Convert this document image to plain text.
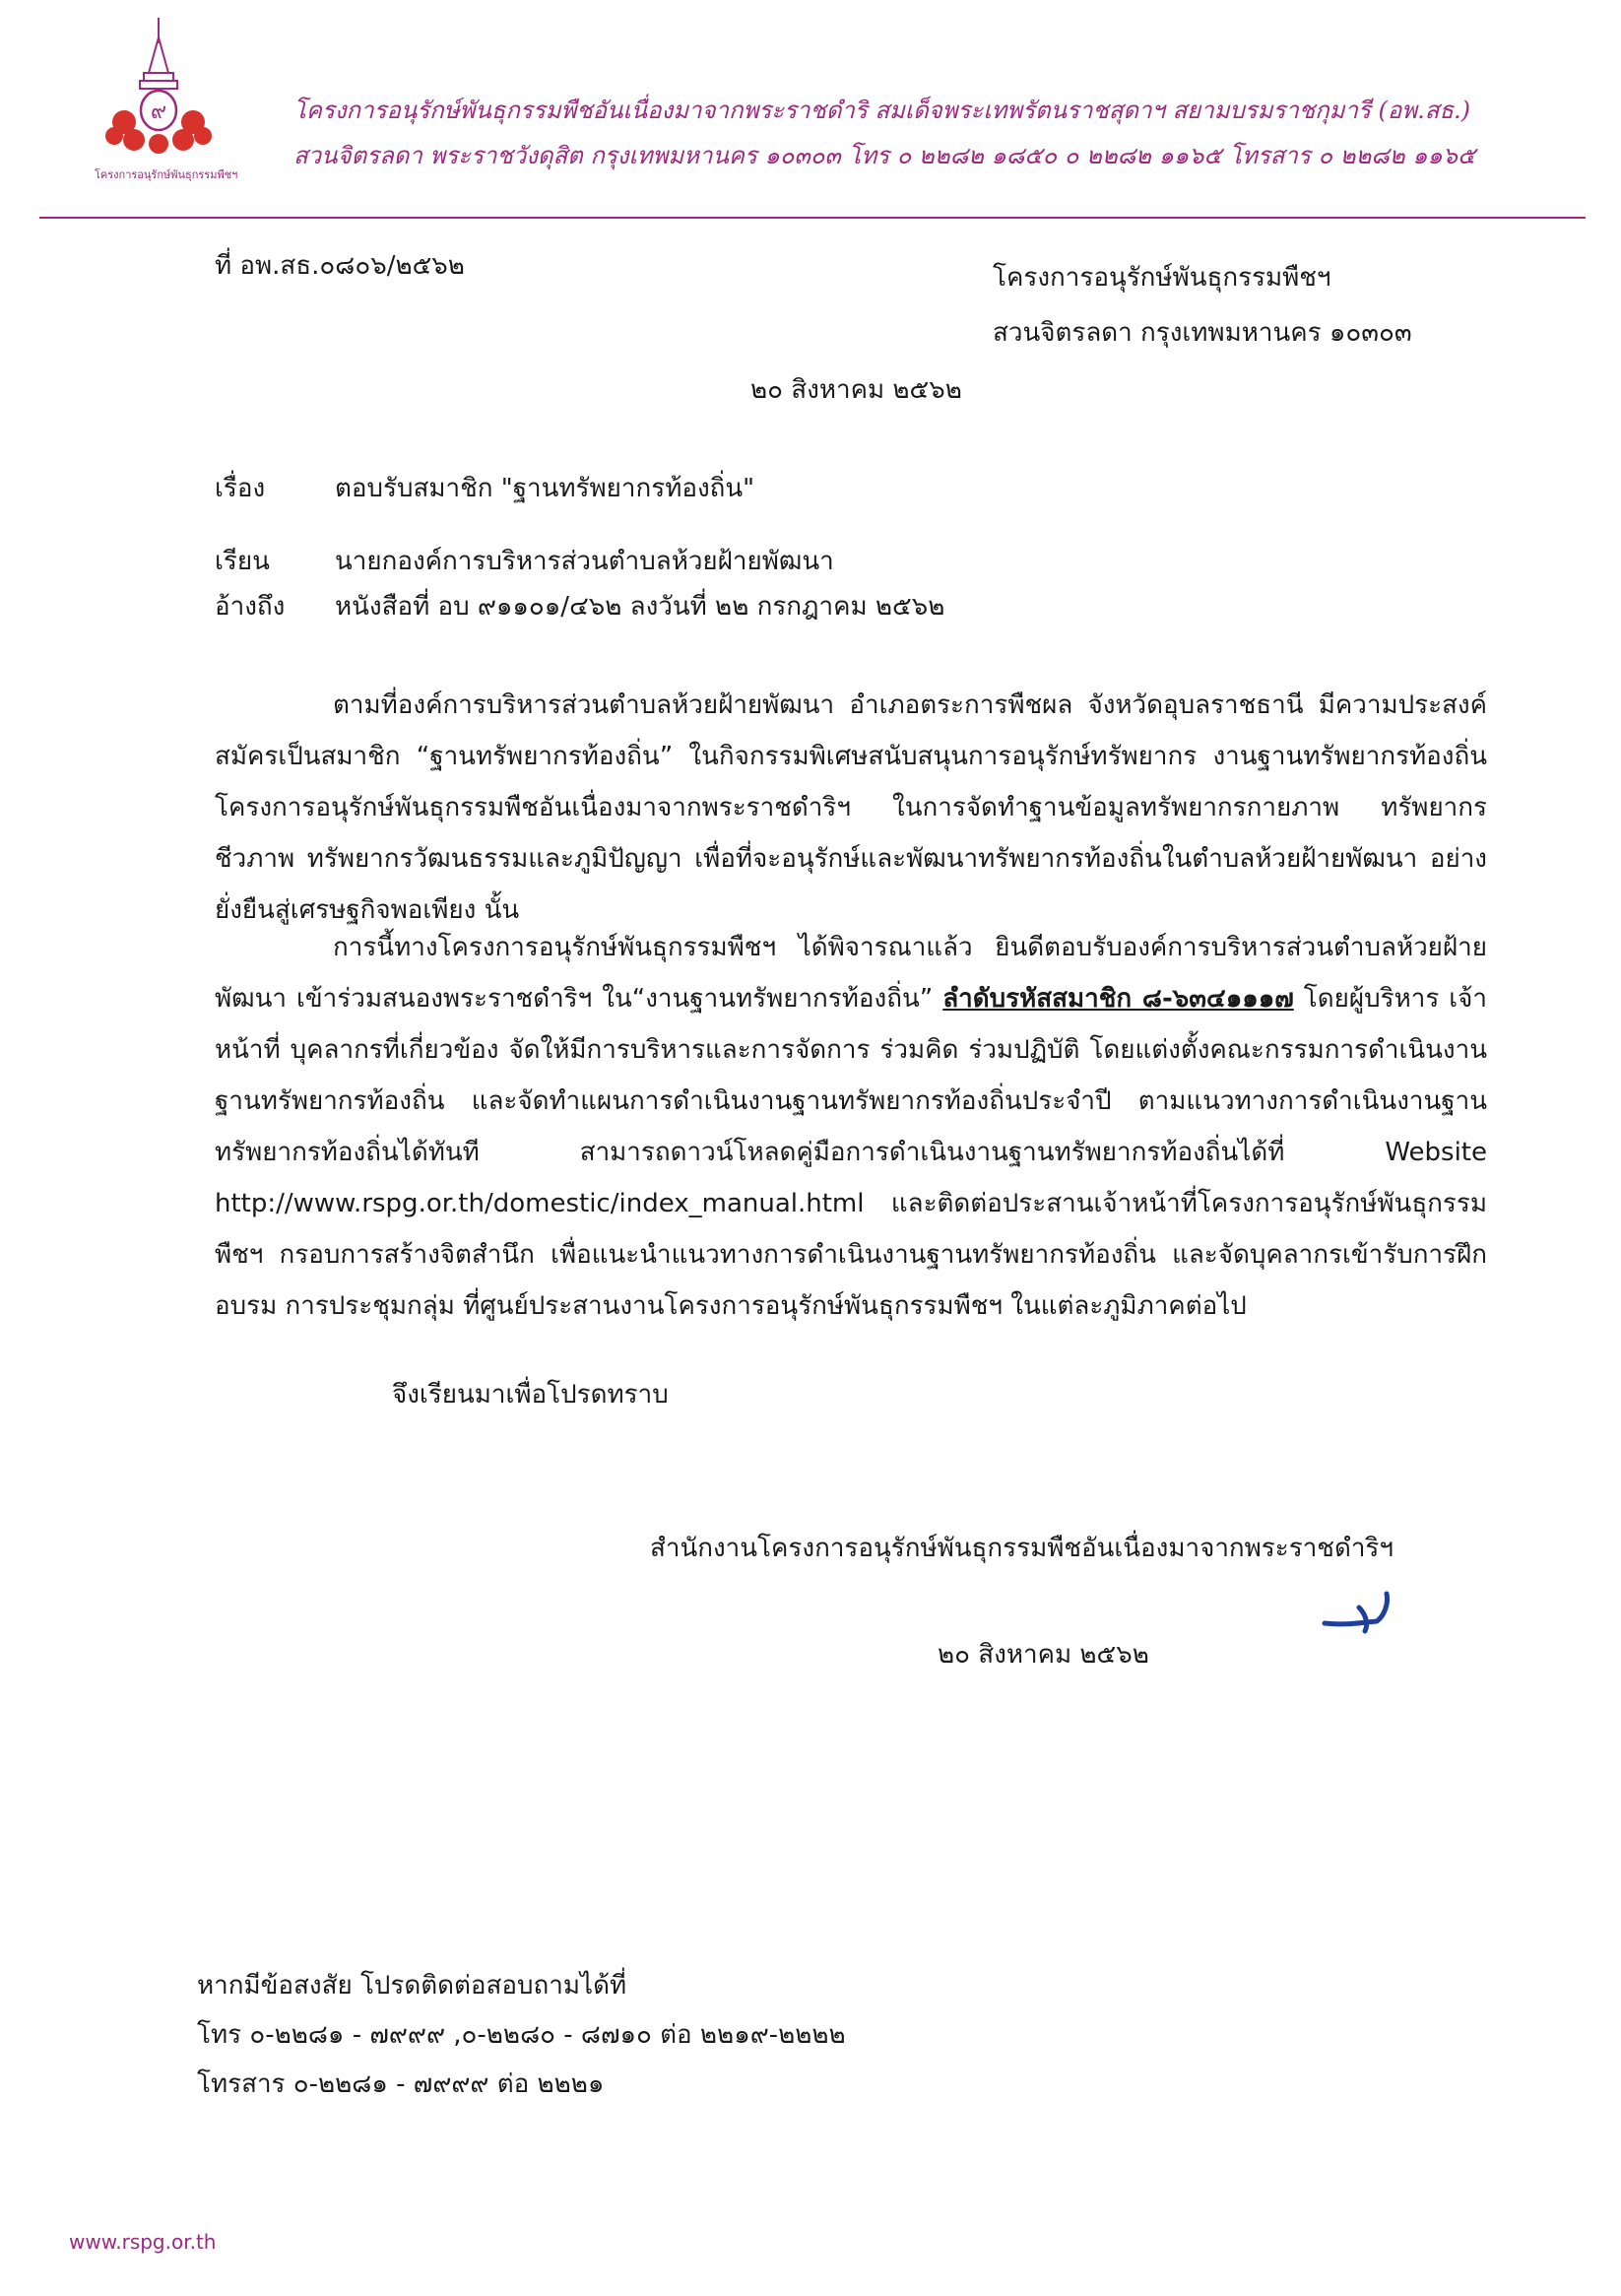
๙
โครงการอนุรักษ์พันธุกรรมพืชฯ
โครงการอนุรักษ์พันธุกรรมพืชอันเนื่องมาจากพระราชดำริ สมเด็จพระเทพรัตนราชสุดาฯ สยามบรมราชกุมารี (อพ.สธ.)
สวนจิตรลดา พระราชวังดุสิต กรุงเทพมหานคร ๑๐๓๐๓ โทร ๐ ๒๒๘๒ ๑๘๕๐ ๐ ๒๒๘๒ ๑๑๖๕ โทรสาร ๐ ๒๒๘๒ ๑๑๖๕
ที่ อพ.สธ.๐๘๐๖/๒๕๖๒	โครงการอนุรักษ์พันธุกรรมพืชฯ
สวนจิตรลดา กรุงเทพมหานคร ๑๐๓๐๓
๒๐ สิงหาคม ๒๕๖๒
เรื่อง	ตอบรับสมาชิก "ฐานทรัพยากรท้องถิ่น"
เรียน	นายกองค์การบริหารส่วนตำบลห้วยฝ้ายพัฒนา
อ้างถึง หนังสือที่ อบ ๙๑๑๐๑/๔๖๒ ลงวันที่ ๒๒ กรกฎาคม ๒๕๖๒
ตามที่องค์การบริหารส่วนตำบลห้วยฝ้ายพัฒนา อำเภอตระการพืชผล จังหวัดอุบลราชธานี มีความประสงค์สมัครเป็นสมาชิก “ฐานทรัพยากรท้องถิ่น” ในกิจกรรมพิเศษสนับสนุนการอนุรักษ์ทรัพยากร งานฐานทรัพยากรท้องถิ่น โครงการอนุรักษ์พันธุกรรมพืชอันเนื่องมาจากพระราชดำริฯ ในการจัดทำฐานข้อมูลทรัพยากรกายภาพ ทรัพยากรชีวภาพ ทรัพยากรวัฒนธรรมและภูมิปัญญา เพื่อที่จะอนุรักษ์และพัฒนาทรัพยากรท้องถิ่นในตำบลห้วยฝ้ายพัฒนา อย่างยั่งยืนสู่เศรษฐกิจพอเพียง นั้น
การนี้ทางโครงการอนุรักษ์พันธุกรรมพืชฯ ได้พิจารณาแล้ว ยินดีตอบรับองค์การบริหารส่วนตำบลห้วยฝ้ายพัฒนา เข้าร่วมสนองพระราชดำริฯ ใน“งานฐานทรัพยากรท้องถิ่น” ลำดับรหัสสมาชิก ๘-๖๓๔๑๑๑๗ โดยผู้บริหาร เจ้าหน้าที่ บุคลากรที่เกี่ยวข้อง จัดให้มีการบริหารและการจัดการ ร่วมคิด ร่วมปฏิบัติ โดยแต่งตั้งคณะกรรมการดำเนินงานฐานทรัพยากรท้องถิ่น และจัดทำแผนการดำเนินงานฐานทรัพยากรท้องถิ่นประจำปี ตามแนวทางการดำเนินงานฐานทรัพยากรท้องถิ่นได้ทันที สามารถดาวน์โหลดคู่มือการดำเนินงานฐานทรัพยากรท้องถิ่นได้ที่ Website http://www.rspg.or.th/domestic/index_manual.html และติดต่อประสานเจ้าหน้าที่โครงการอนุรักษ์พันธุกรรมพืชฯ กรอบการสร้างจิตสำนึก เพื่อแนะนำแนวทางการดำเนินงานฐานทรัพยากรท้องถิ่น และจัดบุคลากรเข้ารับการฝึกอบรม การประชุมกลุ่ม ที่ศูนย์ประสานงานโครงการอนุรักษ์พันธุกรรมพืชฯ ในแต่ละภูมิภาคต่อไป
จึงเรียนมาเพื่อโปรดทราบ
สำนักงานโครงการอนุรักษ์พันธุกรรมพืชอันเนื่องมาจากพระราชดำริฯ
๒๐ สิงหาคม ๒๕๖๒
หากมีข้อสงสัย โปรดติดต่อสอบถามได้ที่
โทร ๐-๒๒๘๑ - ๗๙๙๙ ,๐-๒๒๘๐ - ๘๗๑๐ ต่อ ๒๒๑๙-๒๒๒๒
โทรสาร ๐-๒๒๘๑ - ๗๙๙๙ ต่อ ๒๒๒๑
www.rspg.or.th
